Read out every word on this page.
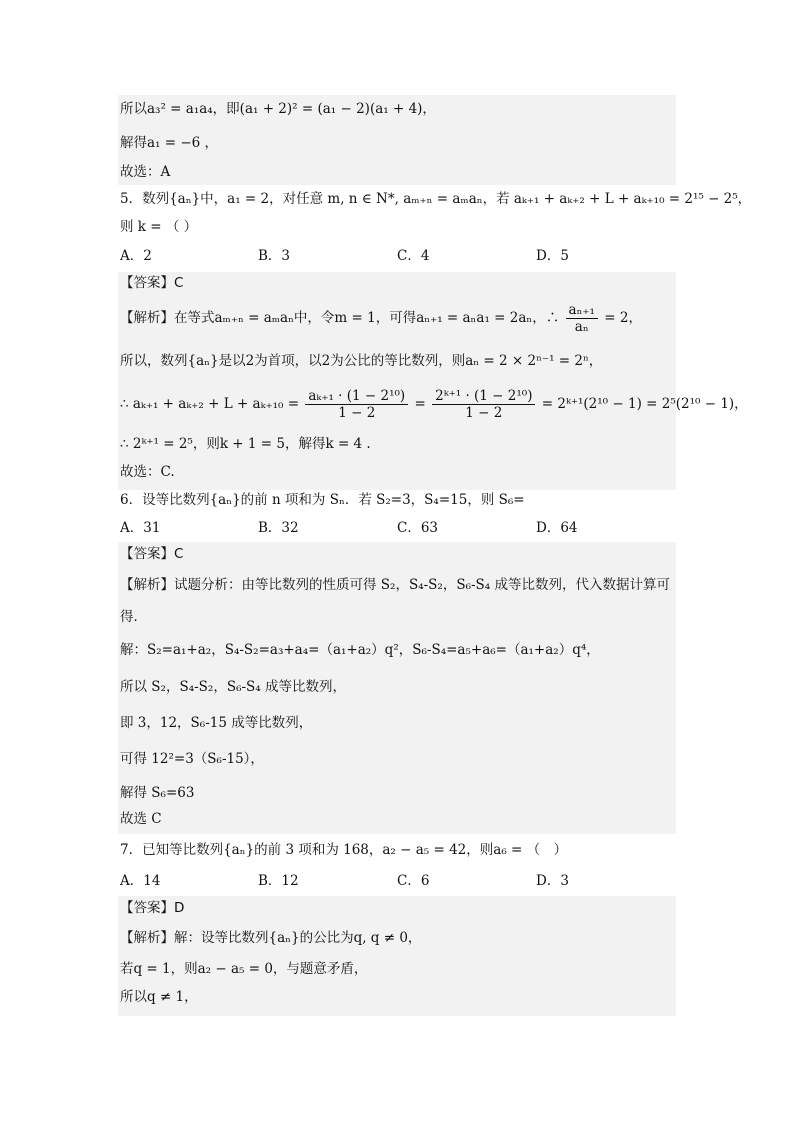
所以a₃² = a₁a₄，即(a₁ + 2)² = (a₁ − 2)(a₁ + 4)，
解得a₁ = −6 ，
故选：A
5．数列{aₙ}中，a₁ = 2，对任意 m, n ∈ N*, aₘ₊ₙ = aₘaₙ，若 aₖ₊₁ + aₖ₊₂ + L + aₖ₊₁₀ = 2¹⁵ − 2⁵，
则 k = （ ）
A．2	B．3	C．4	D．5
【答案】C
【解析】在等式aₘ₊ₙ = aₘaₙ中，令m = 1，可得aₙ₊₁ = aₙa₁ = 2aₙ，∴ $\frac{\text{aₙ₊₁}}{\text{aₙ}} = 2$，
所以，数列{aₙ}是以2为首项，以2为公比的等比数列，则aₙ = 2 × 2ⁿ⁻¹ = 2ⁿ，
∴ $a_{k+1} + a_{k+2} + L + a_{k+10} = \frac{\text{aₖ₊₁ · (1 − 2¹⁰)}}{1 - 2} = \frac{\text{2ᵏ⁺¹ · (1 − 2¹⁰)}}{1 - 2}$ = 2ᵏ⁺¹(2¹⁰ − 1) = 2⁵(2¹⁰ − 1)，
∴ 2ᵏ⁺¹ = 2⁵，则k + 1 = 5，解得k = 4 .
故选：C.
6．设等比数列{aₙ}的前 n 项和为 Sₙ．若 S₂=3，S₄=15，则 S₆=
A．31	B．32	C．63	D．64
【答案】C
【解析】试题分析：由等比数列的性质可得 S₂，S₄-S₂，S₆-S₄ 成等比数列，代入数据计算可
得．
解：S₂=a₁+a₂，S₄-S₂=a₃+a₄=（a₁+a₂）q²，S₆-S₄=a₅+a₆=（a₁+a₂）q⁴，
所以 S₂，S₄-S₂，S₆-S₄ 成等比数列，
即 3，12，S₆-15 成等比数列，
可得 12²=3（S₆-15），
解得 S₆=63
故选 C
7．已知等比数列{aₙ}的前 3 项和为 168，a₂ − a₅ = 42，则a₆ = （　）
A．14	B．12	C．6	D．3
【答案】D
【解析】解：设等比数列{aₙ}的公比为q, q ≠ 0，
若q = 1，则a₂ − a₅ = 0，与题意矛盾，
所以q ≠ 1，
